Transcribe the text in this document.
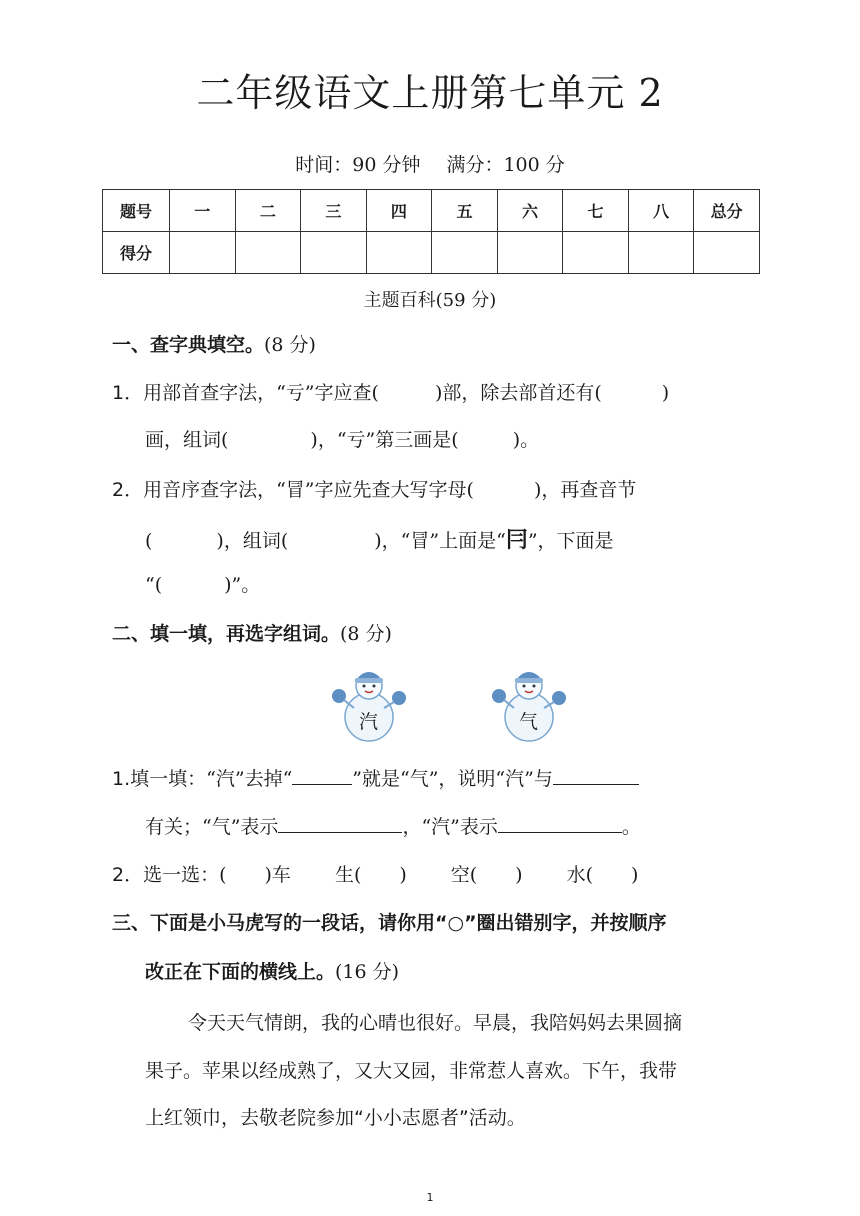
二年级语文上册第七单元 2
时间：90 分钟 满分：100 分
题号	一	二	三	四	五	六	七	八	总分
得分									
主题百科(59 分)
一、查字典填空。(8 分)
1．用部首查字法，“亏”字应查(	)部，除去部首还有(	)
画，组词(	)，“亏”第三画是(	)。
2．用音序查字法，“冒”字应先查大写字母(	)，再查音节
(	)，组词(	)，“冒”上面是“冃”，下面是
“(	)”。
二、填一填，再选字组词。(8 分)
汽	气
1.填一填：“汽”去掉“	”就是“气”，说明“汽”与
有关；“气”表示	，“汽”表示	。
2．选一选：(　　)车 生(　　) 空(　　) 水(　　)
三、下面是小马虎写的一段话，请你用“○”圈出错别字，并按顺序
改正在下面的横线上。(16 分)
令天天气情朗，我的心晴也很好。早晨，我陪妈妈去果圆摘
果子。苹果以经成熟了，又大又园，非常惹人喜欢。下午，我带
上红领巾，去敬老院参加“小小志愿者”活动。
1
